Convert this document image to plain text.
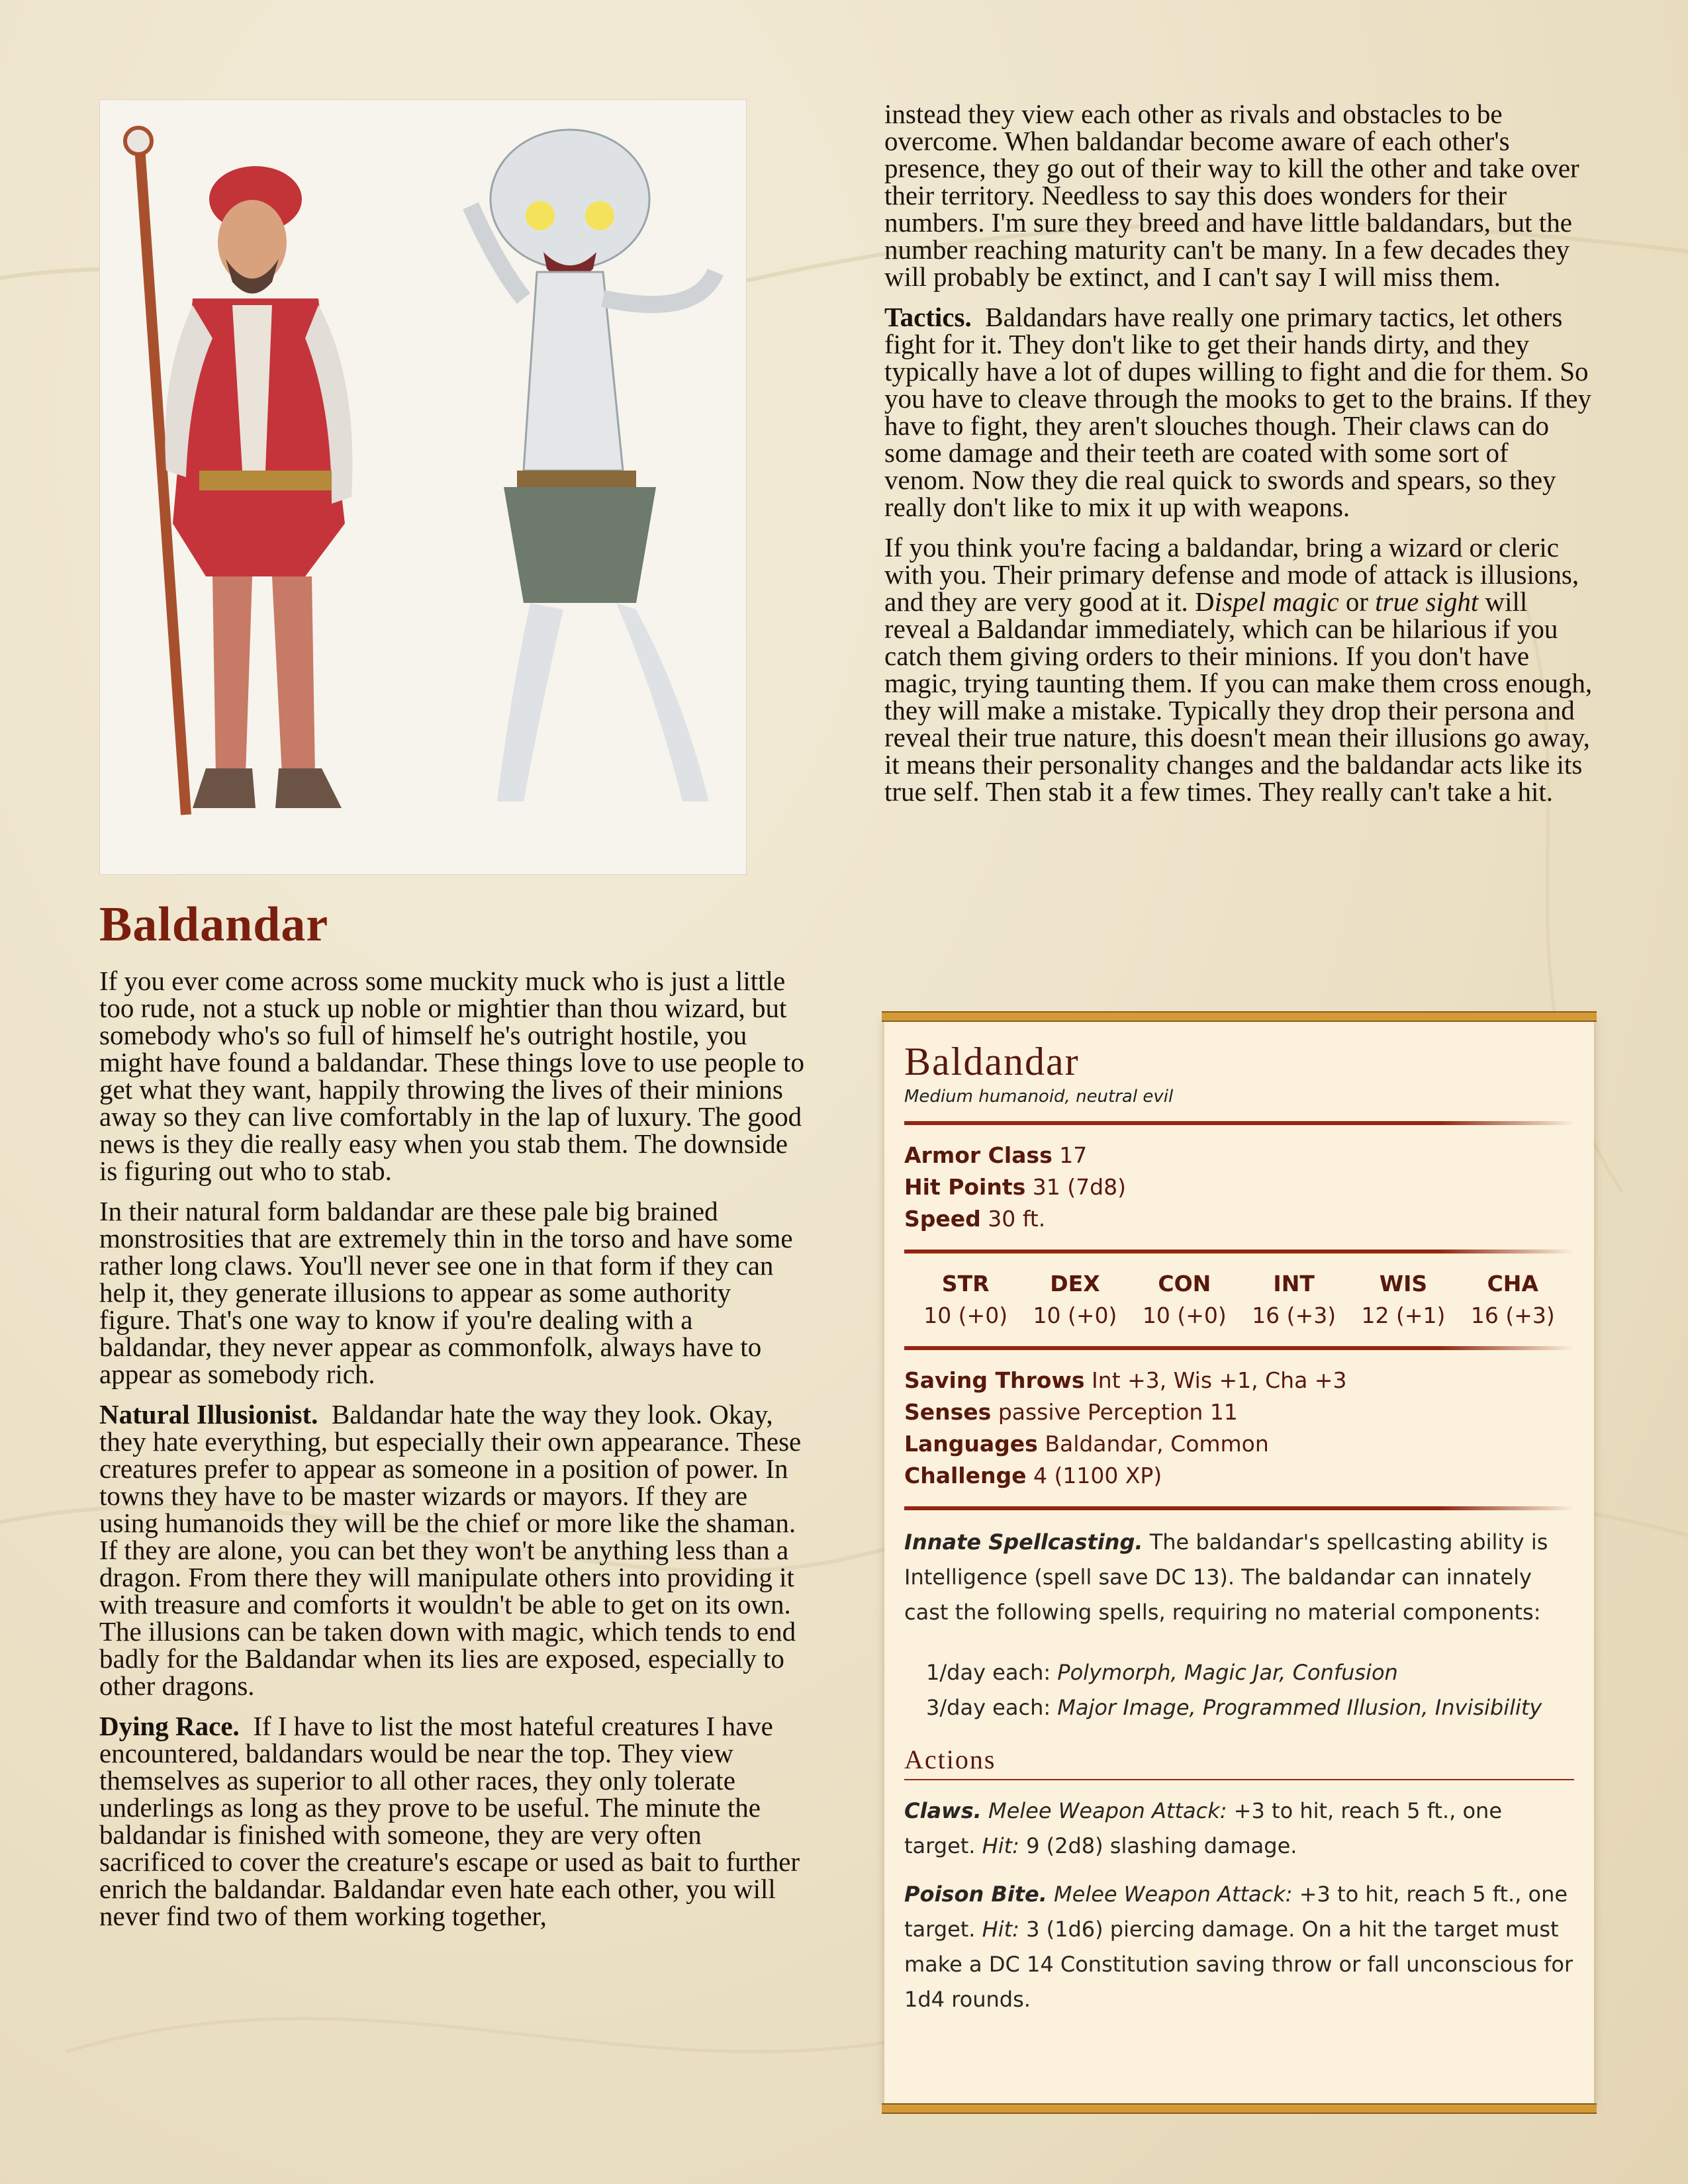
Baldandar

If you ever come across some muckity muck who is just a little too rude, not a stuck up noble or mightier than thou wizard, but somebody who's so full of himself he's outright hostile, you might have found a baldandar. These things love to use people to get what they want, happily throwing the lives of their minions away so they can live comfortably in the lap of luxury. The good news is they die really easy when you stab them. The downside is figuring out who to stab.

In their natural form baldandar are these pale big brained monstrosities that are extremely thin in the torso and have some rather long claws. You'll never see one in that form if they can help it, they generate illusions to appear as some authority figure. That's one way to know if you're dealing with a baldandar, they never appear as commonfolk, always have to appear as somebody rich.

Natural Illusionist. Baldandar hate the way they look. Okay, they hate everything, but especially their own appearance. These creatures prefer to appear as someone in a position of power. In towns they have to be master wizards or mayors. If they are using humanoids they will be the chief or more like the shaman. If they are alone, you can bet they won't be anything less than a dragon. From there they will manipulate others into providing it with treasure and comforts it wouldn't be able to get on its own. The illusions can be taken down with magic, which tends to end badly for the Baldandar when its lies are exposed, especially to other dragons.

Dying Race. If I have to list the most hateful creatures I have encountered, baldandars would be near the top. They view themselves as superior to all other races, they only tolerate underlings as long as they prove to be useful. The minute the baldandar is finished with someone, they are very often sacrificed to cover the creature's escape or used as bait to further enrich the baldandar. Baldandar even hate each other, you will never find two of them working together,

instead they view each other as rivals and obstacles to be overcome. When baldandar become aware of each other's presence, they go out of their way to kill the other and take over their territory. Needless to say this does wonders for their numbers. I'm sure they breed and have little baldandars, but the number reaching maturity can't be many. In a few decades they will probably be extinct, and I can't say I will miss them.

Tactics. Baldandars have really one primary tactics, let others fight for it. They don't like to get their hands dirty, and they typically have a lot of dupes willing to fight and die for them. So you have to cleave through the mooks to get to the brains. If they have to fight, they aren't slouches though. Their claws can do some damage and their teeth are coated with some sort of venom. Now they die real quick to swords and spears, so they really don't like to mix it up with weapons.

If you think you're facing a baldandar, bring a wizard or cleric with you. Their primary defense and mode of attack is illusions, and they are very good at it. Dispel magic or true sight will reveal a Baldandar immediately, which can be hilarious if you catch them giving orders to their minions. If you don't have magic, trying taunting them. If you can make them cross enough, they will make a mistake. Typically they drop their persona and reveal their true nature, this doesn't mean their illusions go away, it means their personality changes and the baldandar acts like its true self. Then stab it a few times. They really can't take a hit.

Baldandar
Medium humanoid, neutral evil
Armor Class 17
Hit Points 31 (7d8)
Speed 30 ft.
STR
10 (+0)
DEX
10 (+0)
CON
10 (+0)
INT
16 (+3)
WIS
12 (+1)
CHA
16 (+3)
Saving Throws Int +3, Wis +1, Cha +3
Senses passive Perception 11
Languages Baldandar, Common
Challenge 4 (1100 XP)
Innate Spellcasting. The baldandar's spellcasting ability is Intelligence (spell save DC 13). The baldandar can innately cast the following spells, requiring no material components:
1/day each: Polymorph, Magic Jar, Confusion
3/day each: Major Image, Programmed Illusion, Invisibility
Actions
Claws. Melee Weapon Attack: +3 to hit, reach 5 ft., one target. Hit: 9 (2d8) slashing damage.
Poison Bite. Melee Weapon Attack: +3 to hit, reach 5 ft., one target. Hit: 3 (1d6) piercing damage. On a hit the target must make a DC 14 Constitution saving throw or fall unconscious for 1d4 rounds.
